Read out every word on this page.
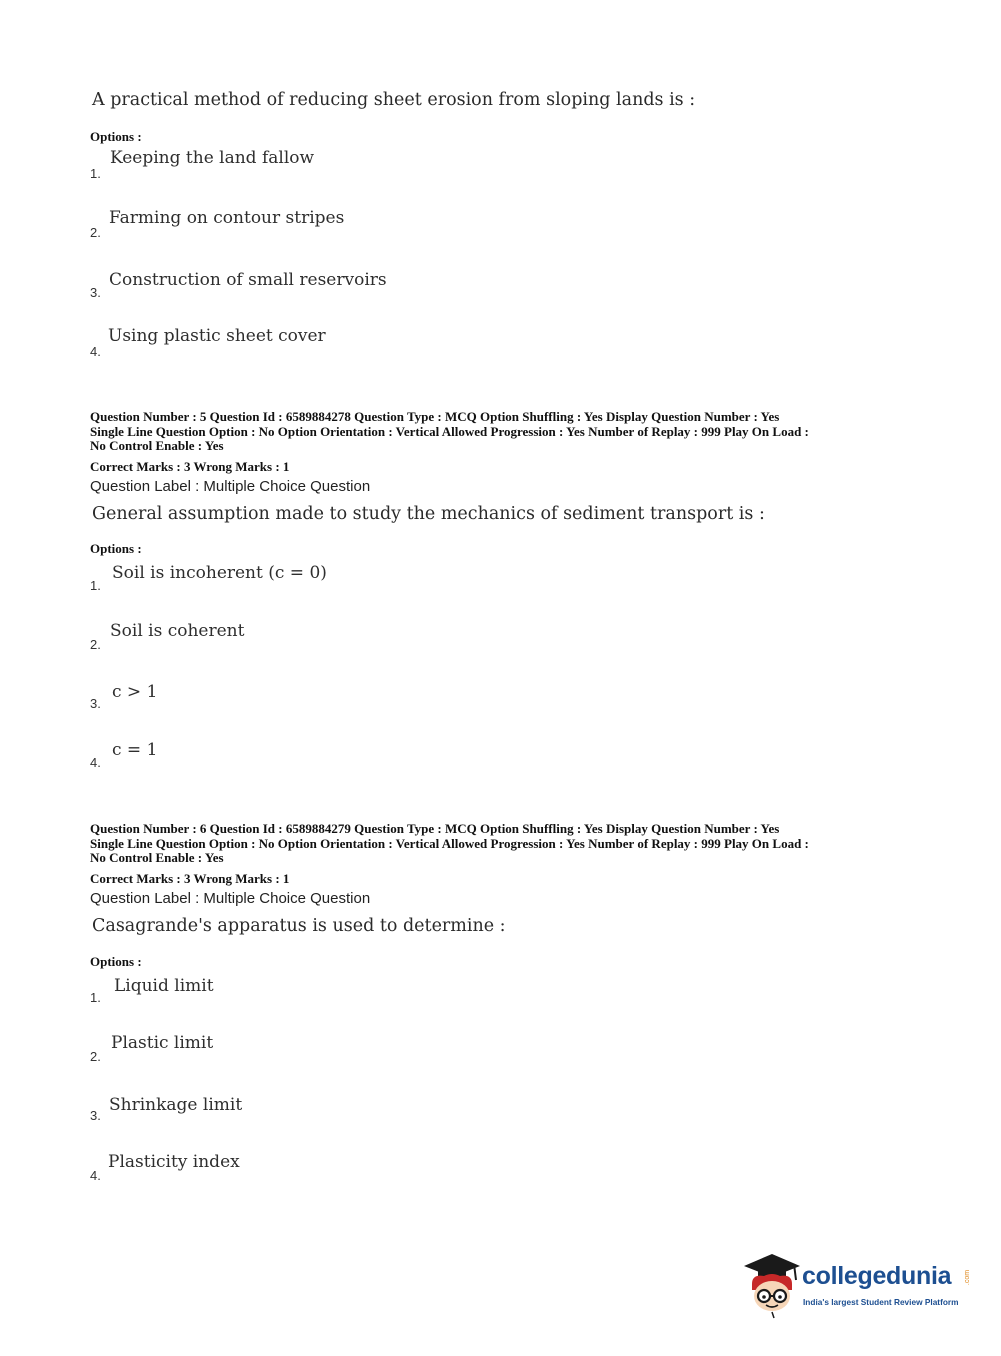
A practical method of reducing sheet erosion from sloping lands is :
Options :
1.
Keeping the land fallow
2.
Farming on contour stripes
3.
Construction of small reservoirs
4.
Using plastic sheet cover
Question Number : 5 Question Id : 6589884278 Question Type : MCQ Option Shuffling : Yes Display Question Number : Yes
Single Line Question Option : No Option Orientation : Vertical Allowed Progression : Yes Number of Replay : 999 Play On Load :
No Control Enable : Yes
Correct Marks : 3 Wrong Marks : 1
Question Label : Multiple Choice Question
General assumption made to study the mechanics of sediment transport is :
Options :
1.
Soil is incoherent (c = 0)
2.
Soil is coherent
3.
c > 1
4.
c = 1
Question Number : 6 Question Id : 6589884279 Question Type : MCQ Option Shuffling : Yes Display Question Number : Yes
Single Line Question Option : No Option Orientation : Vertical Allowed Progression : Yes Number of Replay : 999 Play On Load :
No Control Enable : Yes
Correct Marks : 3 Wrong Marks : 1
Question Label : Multiple Choice Question
Casagrande's apparatus is used to determine :
Options :
1.
Liquid limit
2.
Plastic limit
3.
Shrinkage limit
4.
Plasticity index
collegedunia .com
India's largest Student Review Platform
